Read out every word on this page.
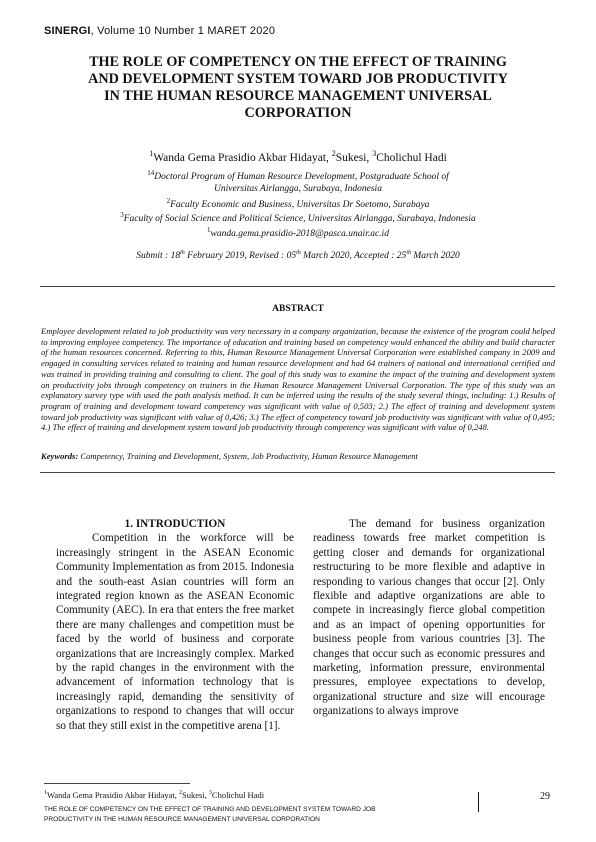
SINERGI, Volume 10 Number 1 MARET 2020
THE ROLE OF COMPETENCY ON THE EFFECT OF TRAINING
AND DEVELOPMENT SYSTEM TOWARD JOB PRODUCTIVITY
IN THE HUMAN RESOURCE MANAGEMENT UNIVERSAL
CORPORATION
$^1$Wanda Gema Prasidio Akbar Hidayat, $^2$Sukesi, $^3$Cholichul Hadi
$^{14}$Doctoral Program of Human Resource Development, Postgraduate School of
Universitas Airlangga, Surabaya, Indonesia
$^2$Faculty Economic and Business, Universitas Dr Soetomo, Surabaya
$^3$Faculty of Social Science and Political Science, Universitas Airlangga, Surabaya, Indonesia
$^1$wanda.gema.prasidio-2018@pasca.unair.ac.id
Submit : 18th February 2019, Revised : 05th March 2020, Accepted : 25th March 2020
ABSTRACT
Employee development related to job productivity was very necessary in a company organization, because the existence of the program could helped to improving employee competency. The importance of education and training based on competency would enhanced the ability and build character of the human resources concerned. Referring to this, Human Resource Management Universal Corporation were established company in 2009 and engaged in consulting services related to training and human resource development and had 64 trainers of national and international certified and was trained in providing training and consulting to client. The goal of this study was to examine the impact of the training and development system on productivity jobs through competency on trainers in the Human Resource Management Universal Corporation. The type of this study was an explanatory survey type with used the path analysis method. It can be inferred using the results of the study several things, including: 1.) Results of program of training and development toward competency was significant with value of 0,503; 2.) The effect of training and development system toward job productivity was significant with value of 0,426; 3.) The effect of competency toward job productivity was significant with value of 0,495; 4.) The effect of training and development system toward job productivity through competency was significant with value of 0,248.
Keywords: Competency, Training and Development, System, Job Productivity, Human Resource Management
1. INTRODUCTION

Competition in the workforce will be increasingly stringent in the ASEAN Economic Community Implementation as from 2015. Indonesia and the south-east Asian countries will form an integrated region known as the ASEAN Economic Community (AEC). In era that enters the free market there are many challenges and competition must be faced by the world of business and corporate organizations that are increasingly complex. Marked by the rapid changes in the environment with the advancement of information technology that is increasingly rapid, demanding the sensitivity of organizations to respond to changes that will occur so that they still exist in the competitive arena [1].

The demand for business organization readiness towards free market competition is getting closer and demands for organizational restructuring to be more flexible and adaptive in responding to various changes that occur [2]. Only flexible and adaptive organizations are able to compete in increasingly fierce global competition and as an impact of opening opportunities for business people from various countries [3]. The changes that occur such as economic pressures and marketing, information pressure, environmental pressures, employee expectations to develop, organizational structure and size will encourage organizations to always improve

$^1$Wanda Gema Prasidio Akbar Hidayat, $^2$Sukesi, $^3$Cholichul Hadi
THE ROLE OF COMPETENCY ON THE EFFECT OF TRAINING AND DEVELOPMENT SYSTEM TOWARD JOB
PRODUCTIVITY IN THE HUMAN RESOURCE MANAGEMENT UNIVERSAL CORPORATION
29
